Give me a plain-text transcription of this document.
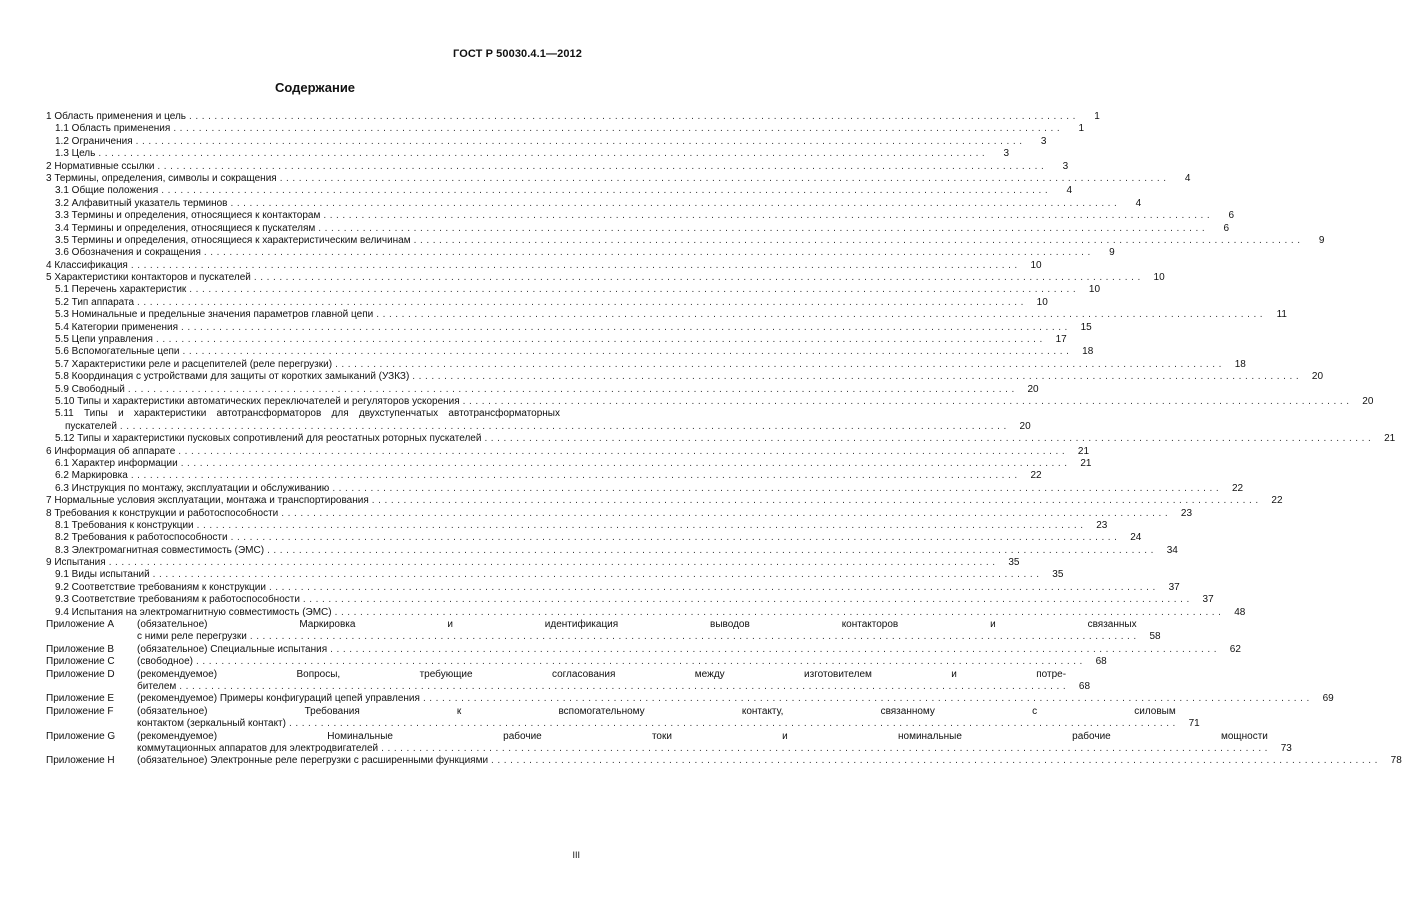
ГОСТ Р 50030.4.1—2012
Содержание
1 Область применения и цель . . .	1
1.1 Область применения . . .	1
1.2 Ограничения . . .	3
1.3 Цель . . .	3
2 Нормативные ссылки . . .	3
3 Термины, определения, символы и сокращения . . .	4
3.1 Общие положения . . .	4
3.2 Алфавитный указатель терминов . . .	4
3.3 Термины и определения, относящиеся к контакторам . . .	6
3.4 Термины и определения, относящиеся к пускателям . . .	6
3.5 Термины и определения, относящиеся к характеристическим величинам . . .	9
3.6 Обозначения и сокращения . . .	9
4 Классификация . . .	10
5 Характеристики контакторов и пускателей . . .	10
5.1 Перечень характеристик . . .	10
5.2 Тип аппарата . . .	10
5.3 Номинальные и предельные значения параметров главной цепи . . .	11
5.4 Категории применения . . .	15
5.5 Цепи управления . . .	17
5.6 Вспомогательные цепи . . .	18
5.7 Характеристики реле и расцепителей (реле перегрузки) . . .	18
5.8 Координация с устройствами для защиты от коротких замыканий (УЗКЗ) . . .	20
5.9 Свободный . . .	20
5.10 Типы и характеристики автоматических переключателей и регуляторов ускорения . . .	20
5.11 Типы и характеристики автотрансформаторов для двухступенчатых автотрансформаторных
пускателей . . .	20
5.12 Типы и характеристики пусковых сопротивлений для реостатных роторных пускателей . . .	21
6 Информация об аппарате . . .	21
6.1 Характер информации . . .	21
6.2 Маркировка . . .	22
6.3 Инструкция по монтажу, эксплуатации и обслуживанию . . .	22
7 Нормальные условия эксплуатации, монтажа и транспортирования . . .	22
8 Требования к конструкции и работоспособности . . .	23
8.1 Требования к конструкции . . .	23
8.2 Требования к работоспособности . . .	24
8.3 Электромагнитная совместимость (ЭМС) . . .	34
9 Испытания . . .	35
9.1 Виды испытаний . . .	35
9.2 Соответствие требованиям к конструкции . . .	37
9.3 Соответствие требованиям к работоспособности . . .	37
9.4 Испытания на электромагнитную совместимость (ЭМС) . . .	48
Приложение А	(обязательное) Маркировка и идентификация выводов контакторов и связанных
с ними реле перегрузки . . .	58
Приложение В	(обязательное) Специальные испытания . . .	62
Приложение С	(свободное) . . .	68
Приложение D	(рекомендуемое) Вопросы, требующие согласования между изготовителем и потре-
бителем . . .	68
Приложение Е	(рекомендуемое) Примеры конфигураций цепей управления . . .	69
Приложение F	(обязательное) Требования к вспомогательному контакту, связанному с силовым
контактом (зеркальный контакт) . . .	71
Приложение G	(рекомендуемое) Номинальные рабочие токи и номинальные рабочие мощности
коммутационных аппаратов для электродвигателей . . .	73
Приложение Н	(обязательное) Электронные реле перегрузки с расширенными функциями . . .	78
III
